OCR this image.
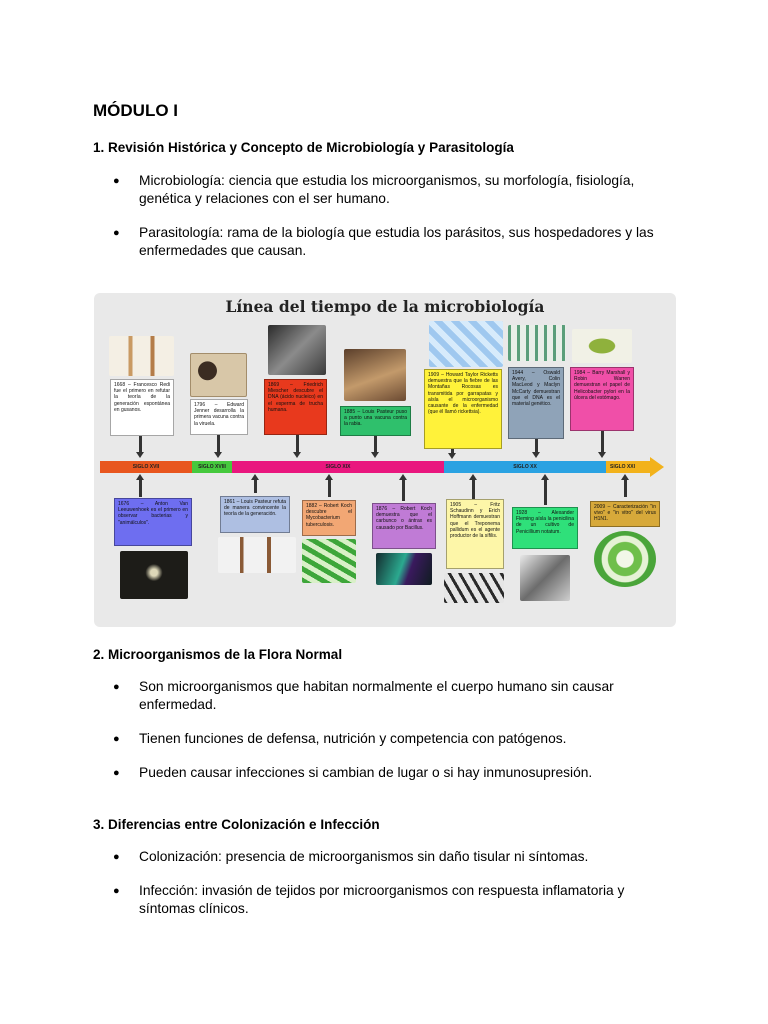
MÓDULO I
1. Revisión Histórica y Concepto de Microbiología y Parasitología
● Microbiología: ciencia que estudia los microorganismos, su morfología, fisiología, genética y relaciones con el ser humano.
● Parasitología: rama de la biología que estudia los parásitos, sus hospedadores y las enfermedades que causan.
Línea del tiempo de la microbiología
SIGLO XVII	SIGLO XVIII	SIGLO XIX	SIGLO XX	SIGLO XXI
1668 – Francesco Redi fue el primero en refutar la teoría de la generación espontánea en gusanos.
1796 – Edward Jenner desarrolla la primera vacuna contra la viruela.
1869 – Friedrich Miescher descubre el DNA (ácido nucleico) en el esperma de trucha humana.	1885 – Louis Pasteur puso a punto una vacuna contra la rabia.
1909 – Howard Taylor Ricketts demuestra que la fiebre de las Montañas Rocosas es transmitida por garrapatas y aísla el microorganismo causante de la enfermedad (que él llamó rickettsia).
1944 – Oswald Avery, Colin MacLeod y Maclyn McCarty demuestran que el DNA es el material genético.
1984 – Barry Marshall y Robin Warren demuestran el papel de Helicobacter pylori en la úlcera del estómago.
1676 – Anton Van Leeuwenhoek es el primero en observar bacterias y "animálculos".
1861 – Louis Pasteur refuta de manera convincente la teoría de la generación.
1882 – Robert Koch descubre el Mycobacterium tuberculosis.
1876 – Robert Koch demuestra que el carbunco o ántrax es causado por Bacillus.
1905 – Fritz Schaudinn y Erich Hoffmann demuestran que el Treponema pallidum es el agente productor de la sífilis.
1928 – Alexander Fleming aísla la penicilina de un cultivo de Penicillium notatum.
2009 – Caracterización "in vivo" e "in vitro" del virus H1N1.
2. Microorganismos de la Flora Normal
● Son microorganismos que habitan normalmente el cuerpo humano sin causar enfermedad.
● Tienen funciones de defensa, nutrición y competencia con patógenos.
● Pueden causar infecciones si cambian de lugar o si hay inmunosupresión.
3. Diferencias entre Colonización e Infección
● Colonización: presencia de microorganismos sin daño tisular ni síntomas.
● Infección: invasión de tejidos por microorganismos con respuesta inflamatoria y síntomas clínicos.
